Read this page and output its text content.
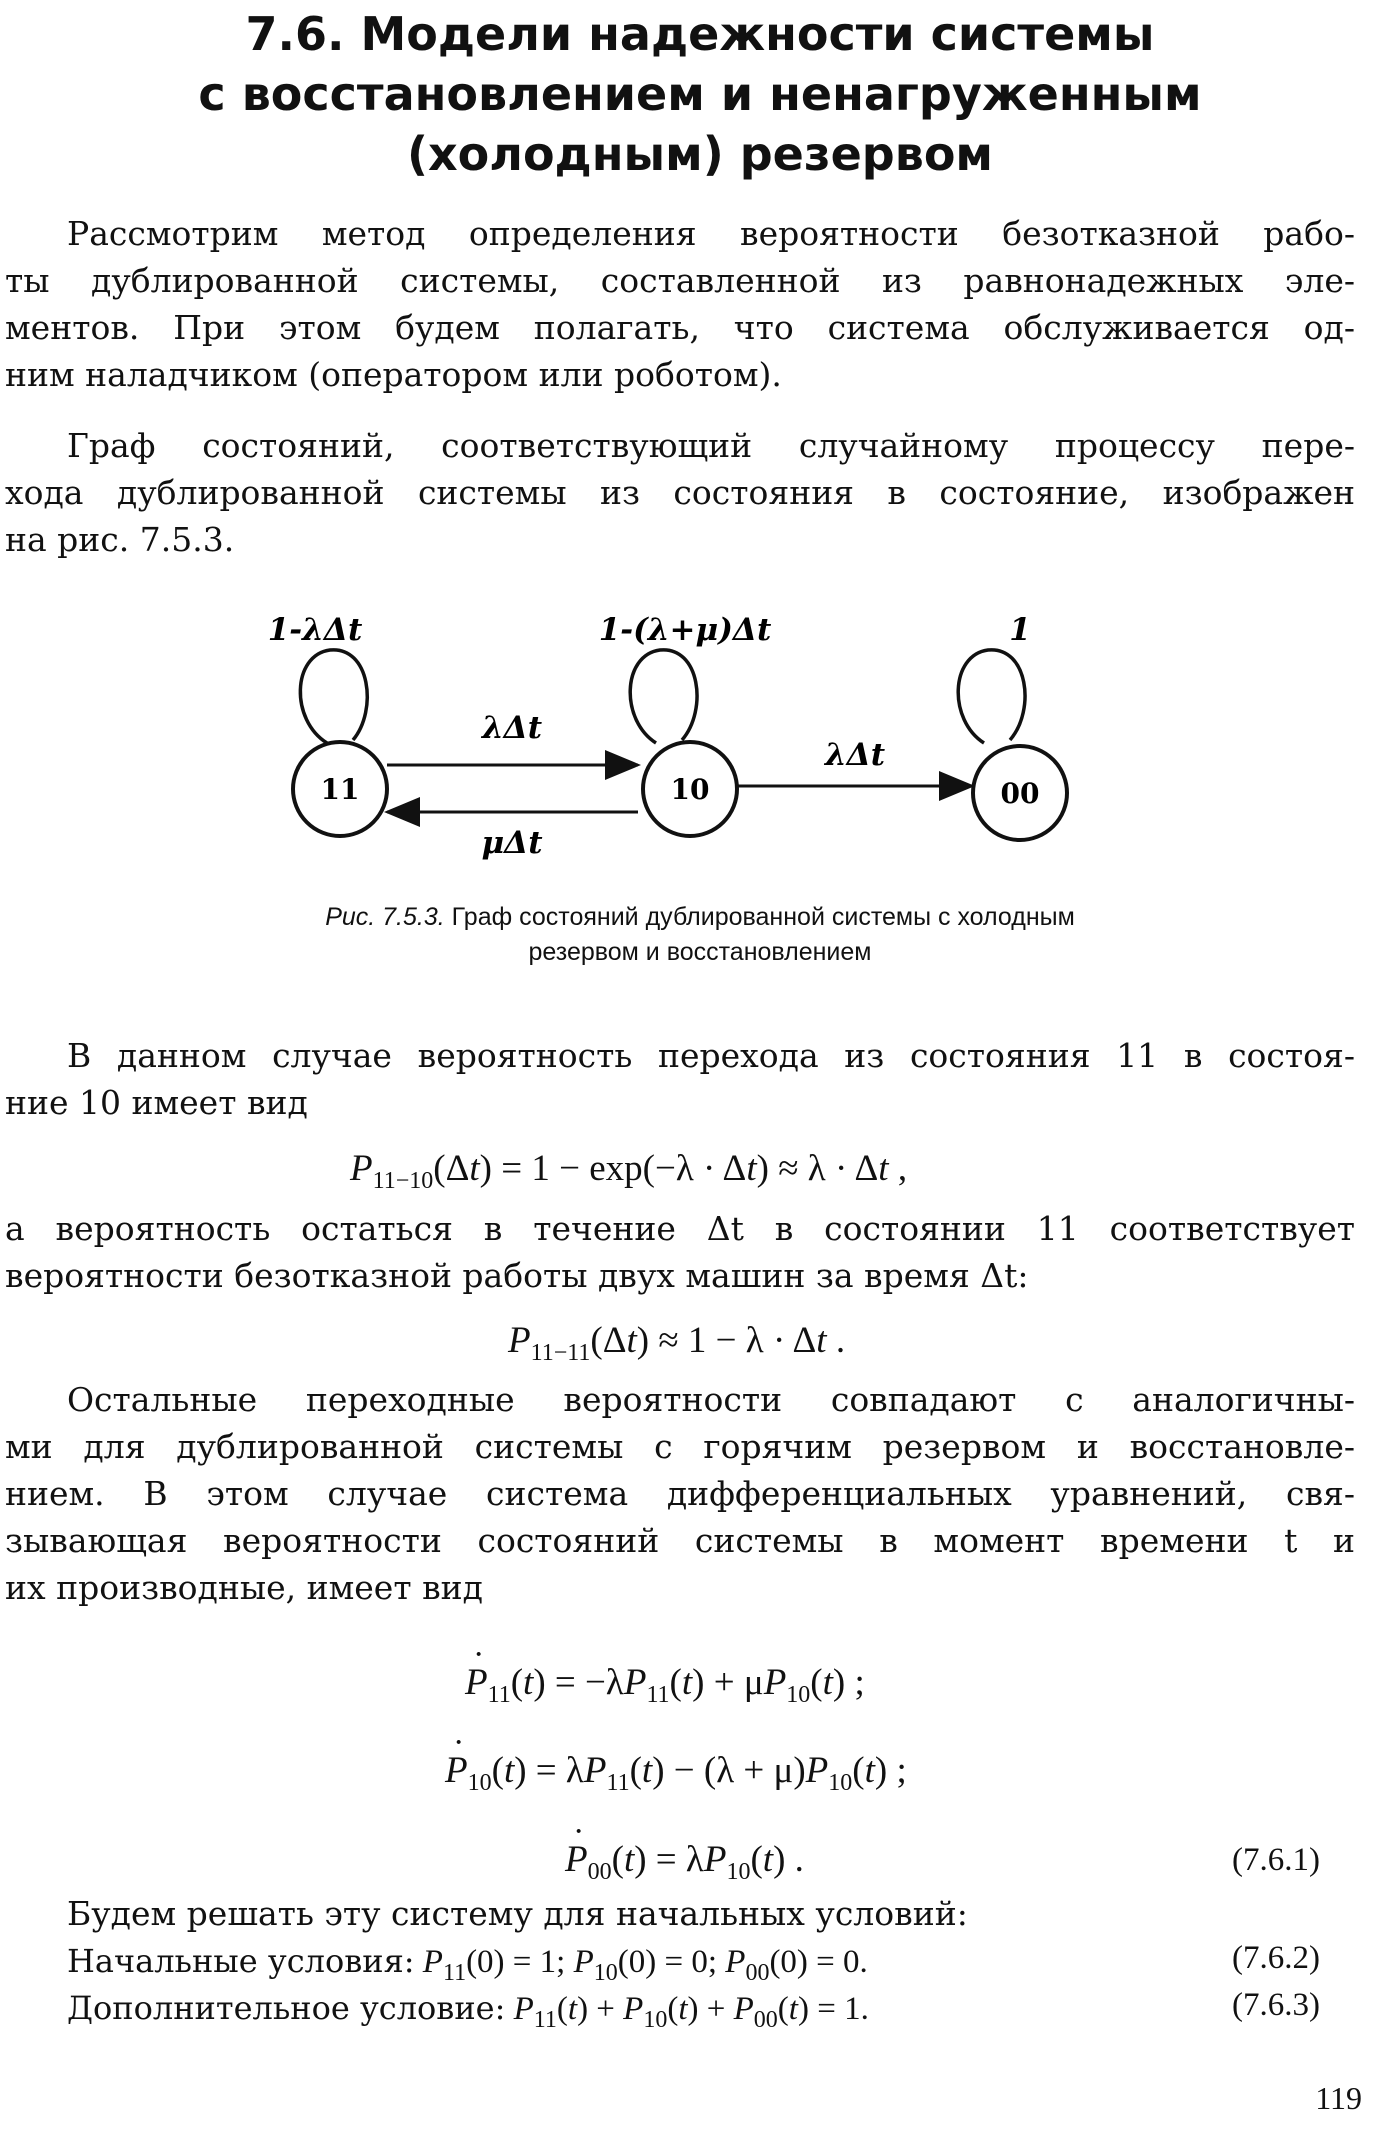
7.6. Модели надежности системы
с восстановлением и ненагруженным
(холодным) резервом
Рассмотрим метод определения вероятности безотказной рабо-
ты дублированной системы, составленной из равнонадежных эле-
ментов. При этом будем полагать, что система обслуживается од-
ним наладчиком (оператором или роботом).
Граф состояний, соответствующий случайному процессу пере-
хода дублированной системы из состояния в состояние, изображен
на рис. 7.5.3.
11	10	00
1-λΔt	1-(λ+μ)Δt	1
λΔt
μΔt
λΔt
Рис. 7.5.3. Граф состояний дублированной системы с холодным
резервом и восстановлением
В данном случае вероятность перехода из состояния 11 в состоя-
ние 10 имеет вид
$P_{11-10}(\Delta t) = 1 - \exp(-\lambda \cdot \Delta t) \approx \lambda \cdot \Delta t$ ,
а вероятность остаться в течение Δt в состоянии 11 соответствует
вероятности безотказной работы двух машин за время Δt:
$P_{11-11}(\Delta t) \approx 1 - \lambda \cdot \Delta t$ .
Остальные переходные вероятности совпадают с аналогичны-
ми для дублированной системы с горячим резервом и восстановле-
нием. В этом случае система дифференциальных уравнений, свя-
зывающая вероятности состояний системы в момент времени t и
их производные, имеет вид
· $P_{11}(t) = -\lambda P_{11}(t) + \mu P_{10}(t)$ ;
· $P_{10}(t) = \lambda P_{11}(t) - (\lambda + \mu)P_{10}(t)$ ;
· $P_{00}(t) = \lambda P_{10}(t)$ .	(7.6.1)
Будем решать эту систему для начальных условий:
Начальные условия: $P_{11}(0) = 1$; $P_{10}(0) = 0$; $P_{00}(0) = 0$.	(7.6.2)
Дополнительное условие: $P_{11}(t) + P_{10}(t) + P_{00}(t) = 1$.	(7.6.3)
119
